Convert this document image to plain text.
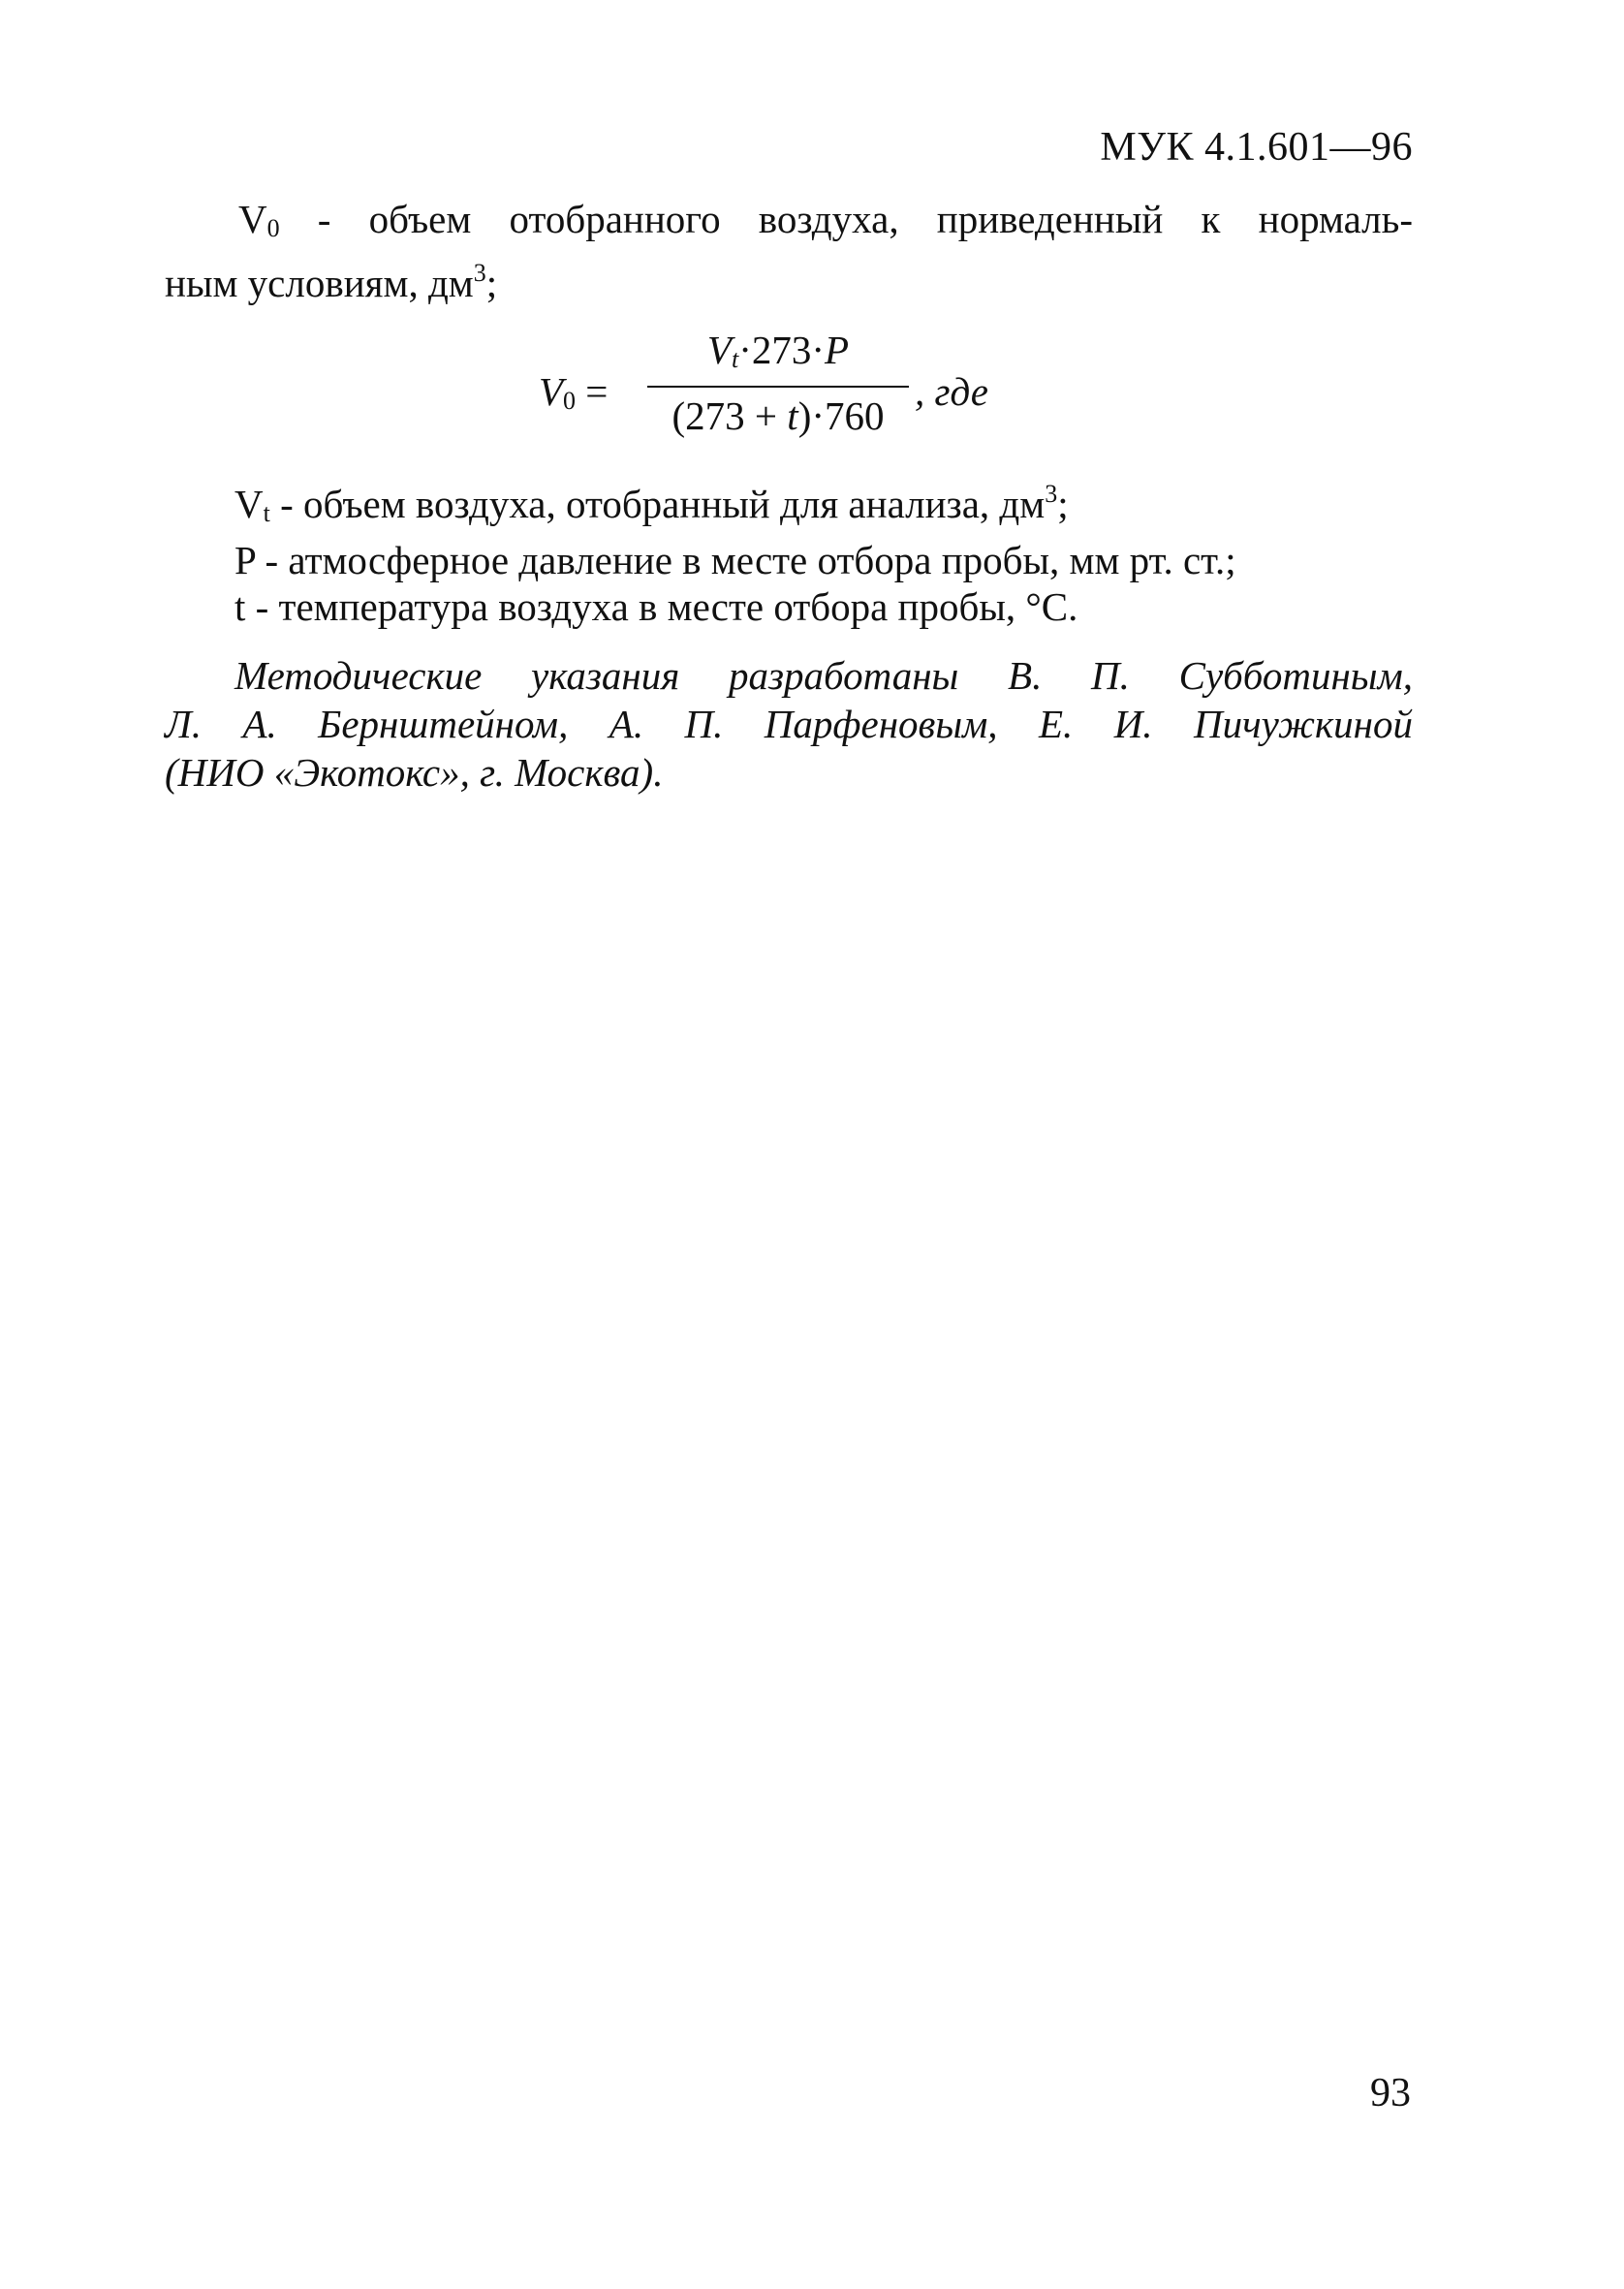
МУК 4.1.601—96
$V_0$ - объем отобранного воздуха, приведенный к нормаль-
ным условиям, $дм^3$;
$V_0$ =
$V_t\cdot 273\cdot P$
(273 + t)·760
, где
$V_t$ - объем воздуха, отобранный для анализа, $дм^3$;
P - атмосферное давление в месте отбора пробы, мм рт. ст.;
t - температура воздуха в месте отбора пробы, °С.
Методические указания разработаны В. П. Субботиным,
Л. А. Бернштейном, А. П. Парфеновым, Е. И. Пичужкиной
(НИО «Экотокс», г. Москва).
93
